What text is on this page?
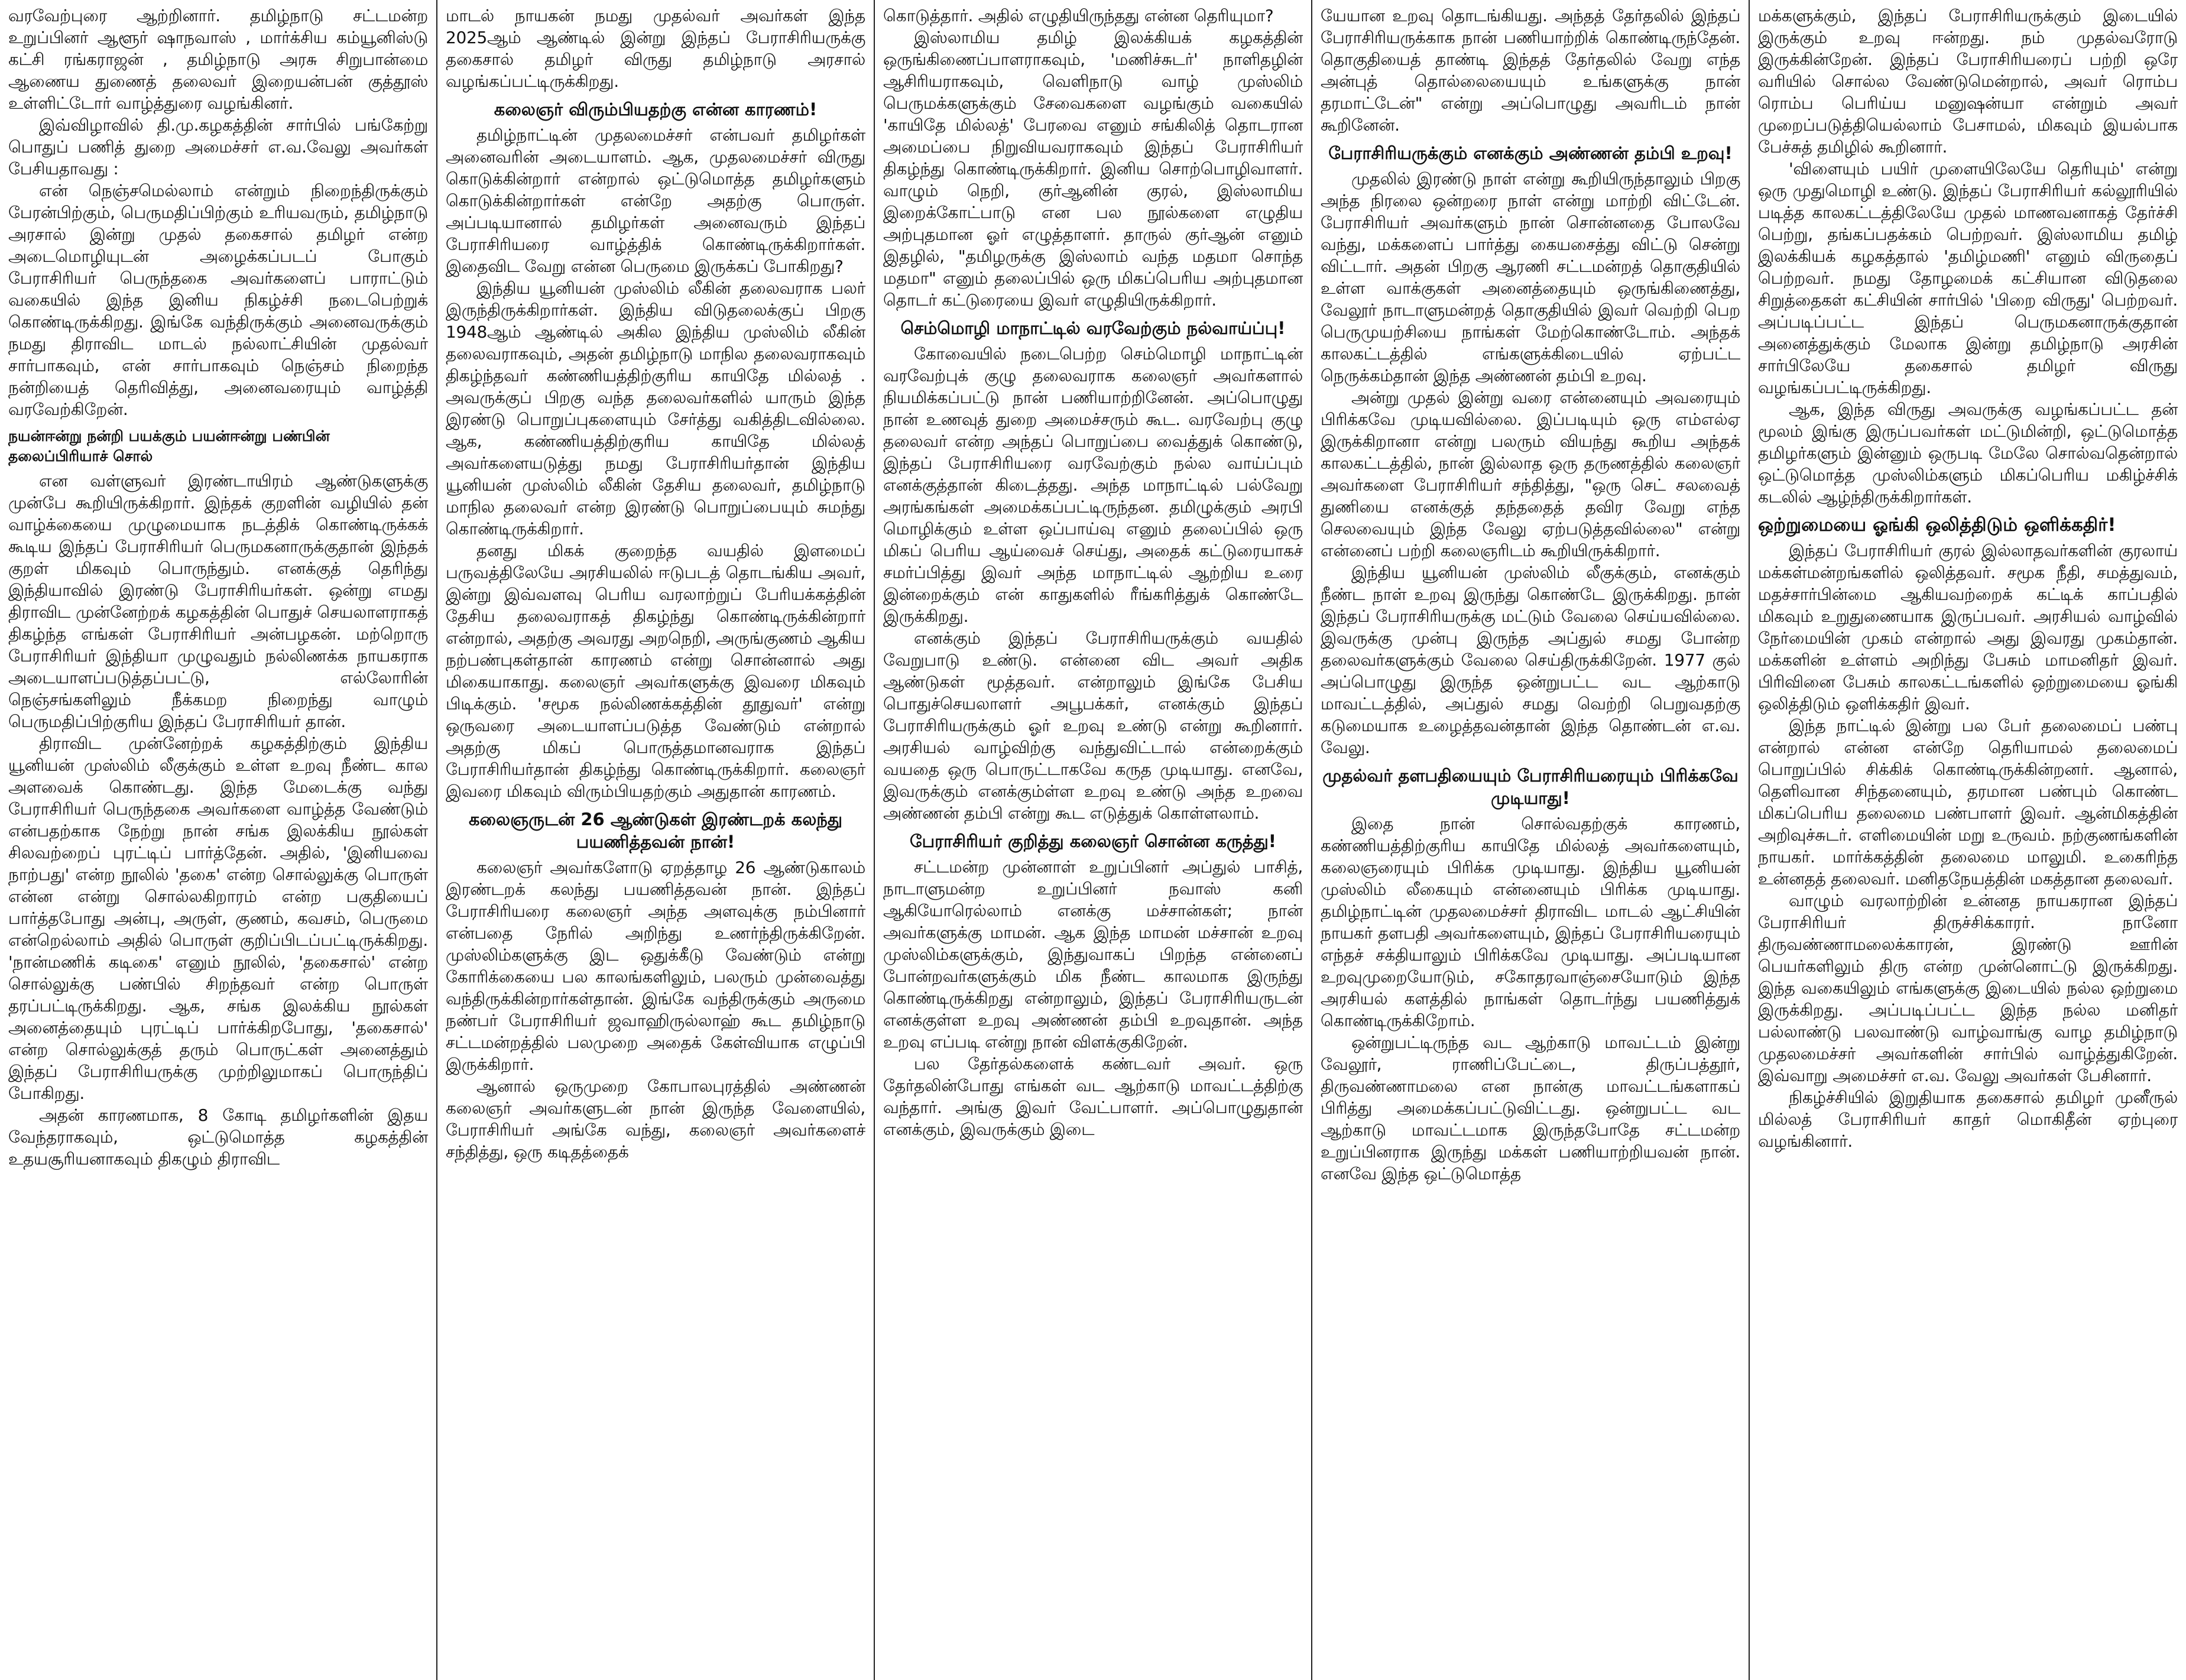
வரவேற்புரை ஆற்றினார். தமிழ்நாடு சட்டமன்ற உறுப்பினர் ஆளூர் ஷாநவாஸ் , மார்க்சிய கம்யூனிஸ்டு கட்சி ரங்கராஜன் , தமிழ்நாடு அரசு சிறுபான்மை ஆணைய துணைத் தலைவர் இறையன்பன் குத்தூஸ் உள்ளிட்டோர் வாழ்த்துரை வழங்கினர்.

இவ்விழாவில் தி.மு.கழகத்தின் சார்பில் பங்கேற்று பொதுப் பணித் துறை அமைச்சர் எ.வ.வேலு அவர்கள் பேசியதாவது :

என் நெஞ்சமெல்லாம் என்றும் நிறைந்திருக்கும் பேரன்பிற்கும், பெருமதிப்பிற்கும் உரியவரும், தமிழ்நாடு அரசால் இன்று முதல் தகைசால் தமிழர் என்ற அடைமொழியுடன் அழைக்கப்படப் போகும் பேராசிரியர் பெருந்தகை அவர்களைப் பாராட்டும் வகையில் இந்த இனிய நிகழ்ச்சி நடைபெற்றுக் கொண்டிருக்கிறது. இங்கே வந்திருக்கும் அனைவருக்கும் நமது திராவிட மாடல் நல்லாட்சியின் முதல்வர் சார்பாகவும், என் சார்பாகவும் நெஞ்சம் நிறைந்த நன்றியைத் தெரிவித்து, அனைவரையும் வாழ்த்தி வரவேற்கிறேன்.

நயன்ஈன்று நன்றி பயக்கும் பயன்ஈன்று பண்பின் தலைப்பிரியாச் சொல்

என வள்ளுவர் இரண்டாயிரம் ஆண்டுகளுக்கு முன்பே கூறியிருக்கிறார். இந்தக் குறளின் வழியில் தன் வாழ்க்கையை முழுமையாக நடத்திக் கொண்டிருக்கக் கூடிய இந்தப் பேராசிரியர் பெருமகனாருக்குதான் இந்தக் குறள் மிகவும் பொருந்தும். எனக்குத் தெரிந்து இந்தியாவில் இரண்டு பேராசிரியர்கள். ஒன்று எமது திராவிட முன்னேற்றக் கழகத்தின் பொதுச் செயலாளராகத் திகழ்ந்த எங்கள் பேராசிரியர் அன்பழகன். மற்றொரு பேராசிரியர் இந்தியா முழுவதும் நல்லிணக்க நாயகராக அடையாளப்படுத்தப்பட்டு, எல்லோரின் நெஞ்சங்களிலும் நீக்கமற நிறைந்து வாழும் பெருமதிப்பிற்குரிய இந்தப் பேராசிரியர் தான்.

திராவிட முன்னேற்றக் கழகத்திற்கும் இந்திய யூனியன் முஸ்லிம் லீகுக்கும் உள்ள உறவு நீண்ட கால அளவைக் கொண்டது. இந்த மேடைக்கு வந்து பேராசிரியர் பெருந்தகை அவர்களை வாழ்த்த வேண்டும் என்பதற்காக நேற்று நான் சங்க இலக்கிய நூல்கள் சிலவற்றைப் புரட்டிப் பார்த்தேன். அதில், 'இனியவை நாற்பது' என்ற நூலில் 'தகை' என்ற சொல்லுக்கு பொருள் என்ன என்று சொல்லகிறாரம் என்ற பகுதியைப் பார்த்தபோது அன்பு, அருள், குணம், கவசம், பெருமை என்றெல்லாம் அதில் பொருள் குறிப்பிடப்பட்டிருக்கிறது. 'நான்மணிக் கடிகை' எனும் நூலில், 'தகைசால்' என்ற சொல்லுக்கு பண்பில் சிறந்தவர் என்ற பொருள் தரப்பட்டிருக்கிறது. ஆக, சங்க இலக்கிய நூல்கள் அனைத்தையும் புரட்டிப் பார்க்கிறபோது, 'தகைசால்' என்ற சொல்லுக்குத் தரும் பொருட்கள் அனைத்தும் இந்தப் பேராசிரியருக்கு முற்றிலுமாகப் பொருந்திப் போகிறது.

அதன் காரணமாக, 8 கோடி தமிழர்களின் இதய வேந்தராகவும், ஒட்டுமொத்த கழகத்தின் உதயசூரியனாகவும் திகழும் திராவிட

மாடல் நாயகன் நமது முதல்வர் அவர்கள் இந்த 2025ஆம் ஆண்டில் இன்று இந்தப் பேராசிரியருக்கு தகைசால் தமிழர் விருது தமிழ்நாடு அரசால் வழங்கப்பட்டிருக்கிறது.

கலைஞர் விரும்பியதற்கு என்ன காரணம்!

தமிழ்நாட்டின் முதலமைச்சர் என்பவர் தமிழர்கள் அனைவரின் அடையாளம். ஆக, முதலமைச்சர் விருது கொடுக்கின்றார் என்றால் ஒட்டுமொத்த தமிழர்களும் கொடுக்கின்றார்கள் என்றே அதற்கு பொருள். அப்படியானால் தமிழர்கள் அனைவரும் இந்தப் பேராசிரியரை வாழ்த்திக் கொண்டிருக்கிறார்கள். இதைவிட வேறு என்ன பெருமை இருக்கப் போகிறது?

இந்திய யூனியன் முஸ்லிம் லீகின் தலைவராக பலர் இருந்திருக்கிறார்கள். இந்திய விடுதலைக்குப் பிறகு 1948ஆம் ஆண்டில் அகில இந்திய முஸ்லிம் லீகின் தலைவராகவும், அதன் தமிழ்நாடு மாநில தலைவராகவும் திகழ்ந்தவர் கண்ணியத்திற்குரிய காயிதே மில்லத் . அவருக்குப் பிறகு வந்த தலைவர்களில் யாரும் இந்த இரண்டு பொறுப்புகளையும் சேர்த்து வகித்திடவில்லை. ஆக, கண்ணியத்திற்குரிய காயிதே மில்லத் அவர்களையடுத்து நமது பேராசிரியர்தான் இந்திய யூனியன் முஸ்லிம் லீகின் தேசிய தலைவர், தமிழ்நாடு மாநில தலைவர் என்ற இரண்டு பொறுப்பையும் சுமந்து கொண்டிருக்கிறார்.

தனது மிகக் குறைந்த வயதில் இளமைப் பருவத்திலேயே அரசியலில் ஈடுபடத் தொடங்கிய அவர், இன்று இவ்வளவு பெரிய வரலாற்றுப் பேரியக்கத்தின் தேசிய தலைவராகத் திகழ்ந்து கொண்டிருக்கின்றார் என்றால், அதற்கு அவரது அறநெறி, அருங்குணம் ஆகிய நற்பண்புகள்தான் காரணம் என்று சொன்னால் அது மிகையாகாது. கலைஞர் அவர்களுக்கு இவரை மிகவும் பிடிக்கும். 'சமூக நல்லிணக்கத்தின் தூதுவர்' என்று ஒருவரை அடையாளப்படுத்த வேண்டும் என்றால் அதற்கு மிகப் பொருத்தமானவராக இந்தப் பேராசிரியர்தான் திகழ்ந்து கொண்டிருக்கிறார். கலைஞர் இவரை மிகவும் விரும்பியதற்கும் அதுதான் காரணம்.

கலைஞருடன் 26 ஆண்டுகள் இரண்டறக் கலந்து பயணித்தவன் நான்!

கலைஞர் அவர்களோடு ஏறத்தாழ 26 ஆண்டுகாலம் இரண்டறக் கலந்து பயணித்தவன் நான். இந்தப் பேராசிரியரை கலைஞர் அந்த அளவுக்கு நம்பினார் என்பதை நேரில் அறிந்து உணர்ந்திருக்கிறேன். முஸ்லிம்களுக்கு இட ஒதுக்கீடு வேண்டும் என்று கோரிக்கையை பல காலங்களிலும், பலரும் முன்வைத்து வந்திருக்கின்றார்கள்தான். இங்கே வந்திருக்கும் அருமை நண்பர் பேராசிரியர் ஜவாஹிருல்லாஹ் கூட தமிழ்நாடு சட்டமன்றத்தில் பலமுறை அதைக் கேள்வியாக எழுப்பி இருக்கிறார்.

ஆனால் ஒருமுறை கோபாலபுரத்தில் அண்ணன் கலைஞர் அவர்களுடன் நான் இருந்த வேளையில், பேராசிரியர் அங்கே வந்து, கலைஞர் அவர்களைச் சந்தித்து, ஒரு கடிதத்தைக்

கொடுத்தார். அதில் எழுதியிருந்தது என்ன தெரியுமா?

இஸ்லாமிய தமிழ் இலக்கியக் கழகத்தின் ஒருங்கிணைப்பாளராகவும், 'மணிச்சுடர்' நாளிதழின் ஆசிரியராகவும், வெளிநாடு வாழ் முஸ்லிம் பெருமக்களுக்கும் சேவைகளை வழங்கும் வகையில் 'காயிதே மில்லத்' பேரவை எனும் சங்கிலித் தொடரான அமைப்பை நிறுவியவராகவும் இந்தப் பேராசிரியர் திகழ்ந்து கொண்டிருக்கிறார். இனிய சொற்பொழிவாளர். வாழும் நெறி, குர்ஆனின் குரல், இஸ்லாமிய இறைக்கோட்பாடு என பல நூல்களை எழுதிய அற்புதமான ஓர் எழுத்தாளர். தாருல் குர்ஆன் எனும் இதழில், "தமிழருக்கு இஸ்லாம் வந்த மதமா சொந்த மதமா" எனும் தலைப்பில் ஒரு மிகப்பெரிய அற்புதமான தொடர் கட்டுரையை இவர் எழுதியிருக்கிறார்.

செம்மொழி மாநாட்டில் வரவேற்கும் நல்வாய்ப்பு!

கோவையில் நடைபெற்ற செம்மொழி மாநாட்டின் வரவேற்புக் குழு தலைவராக கலைஞர் அவர்களால் நியமிக்கப்பட்டு நான் பணியாற்றினேன். அப்பொழுது நான் உணவுத் துறை அமைச்சரும் கூட. வரவேற்பு குழு தலைவர் என்ற அந்தப் பொறுப்பை வைத்துக் கொண்டு, இந்தப் பேராசிரியரை வரவேற்கும் நல்ல வாய்ப்பும் எனக்குத்தான் கிடைத்தது. அந்த மாநாட்டில் பல்வேறு அரங்கங்கள் அமைக்கப்பட்டிருந்தன. தமிழுக்கும் அரபி மொழிக்கும் உள்ள ஒப்பாய்வு எனும் தலைப்பில் ஒரு மிகப் பெரிய ஆய்வைச் செய்து, அதைக் கட்டுரையாகச் சமர்ப்பித்து இவர் அந்த மாநாட்டில் ஆற்றிய உரை இன்றைக்கும் என் காதுகளில் ரீங்கரித்துக் கொண்டே இருக்கிறது.

எனக்கும் இந்தப் பேராசிரியருக்கும் வயதில் வேறுபாடு உண்டு. என்னை விட அவர் அதிக ஆண்டுகள் மூத்தவர். என்றாலும் இங்கே பேசிய பொதுச்செயலாளர் அபூபக்கர், எனக்கும் இந்தப் பேராசிரியருக்கும் ஓர் உறவு உண்டு என்று கூறினார். அரசியல் வாழ்விற்கு வந்துவிட்டால் என்றைக்கும் வயதை ஒரு பொருட்டாகவே கருத முடியாது. எனவே, இவருக்கும் எனக்கும்ள்ள உறவு உண்டு அந்த உறவை அண்ணன் தம்பி என்று கூட எடுத்துக் கொள்ளலாம்.

பேராசிரியர் குறித்து கலைஞர் சொன்ன கருத்து!

சட்டமன்ற முன்னாள் உறுப்பினர் அப்துல் பாசித், நாடாளுமன்ற உறுப்பினர் நவாஸ் கனி ஆகியோரெல்லாம் எனக்கு மச்சான்கள்; நான் அவர்களுக்கு மாமன். ஆக இந்த மாமன் மச்சான் உறவு முஸ்லிம்களுக்கும், இந்துவாகப் பிறந்த என்னைப் போன்றவர்களுக்கும் மிக நீண்ட காலமாக இருந்து கொண்டிருக்கிறது என்றாலும், இந்தப் பேராசிரியருடன் எனக்குள்ள உறவு அண்ணன் தம்பி உறவுதான். அந்த உறவு எப்படி என்று நான் விளக்குகிறேன்.

பல தேர்தல்களைக் கண்டவர் அவர். ஒரு தேர்தலின்போது எங்கள் வட ஆற்காடு மாவட்டத்திற்கு வந்தார். அங்கு இவர் வேட்பாளர். அப்பொழுதுதான் எனக்கும், இவருக்கும் இடை

யேயான உறவு தொடங்கியது. அந்தத் தேர்தலில் இந்தப் பேராசிரியருக்காக நான் பணியாற்றிக் கொண்டிருந்தேன். தொகுதியைத் தாண்டி இந்தத் தேர்தலில் வேறு எந்த அன்புத் தொல்லையையும் உங்களுக்கு நான் தரமாட்டேன்" என்று அப்பொழுது அவரிடம் நான் கூறினேன்.

பேராசிரியருக்கும் எனக்கும் அண்ணன் தம்பி உறவு!

முதலில் இரண்டு நாள் என்று கூறியிருந்தாலும் பிறகு அந்த நிரலை ஒன்றரை நாள் என்று மாற்றி விட்டேன். பேராசிரியர் அவர்களும் நான் சொன்னதை போலவே வந்து, மக்களைப் பார்த்து கையசைத்து விட்டு சென்று விட்டார். அதன் பிறகு ஆரணி சட்டமன்றத் தொகுதியில் உள்ள வாக்குகள் அனைத்தையும் ஒருங்கிணைத்து, வேலூர் நாடாளுமன்றத் தொகுதியில் இவர் வெற்றி பெற பெருமுயற்சியை நாங்கள் மேற்கொண்டோம். அந்தக் காலகட்டத்தில் எங்களுக்கிடையில் ஏற்பட்ட நெருக்கம்தான் இந்த அண்ணன் தம்பி உறவு.

அன்று முதல் இன்று வரை என்னையும் அவரையும் பிரிக்கவே முடியவில்லை. இப்படியும் ஒரு எம்எல்ஏ இருக்கிறானா என்று பலரும் வியந்து கூறிய அந்தக் காலகட்டத்தில், நான் இல்லாத ஒரு தருணத்தில் கலைஞர் அவர்களை பேராசிரியர் சந்தித்து, "ஒரு செட் சலவைத் துணியை எனக்குத் தந்ததைத் தவிர வேறு எந்த செலவையும் இந்த வேலு ஏற்படுத்தவில்லை" என்று என்னைப் பற்றி கலைஞரிடம் கூறியிருக்கிறார்.

இந்திய யூனியன் முஸ்லிம் லீகுக்கும், எனக்கும் நீண்ட நாள் உறவு இருந்து கொண்டே இருக்கிறது. நான் இந்தப் பேராசிரியருக்கு மட்டும் வேலை செய்யவில்லை. இவருக்கு முன்பு இருந்த அப்துல் சமது போன்ற தலைவர்களுக்கும் வேலை செய்திருக்கிறேன். 1977 குல் அப்பொழுது இருந்த ஒன்றுபட்ட வட ஆற்காடு மாவட்டத்தில், அப்துல் சமது வெற்றி பெறுவதற்கு கடுமையாக உழைத்தவன்தான் இந்த தொண்டன் எ.வ. வேலு.

முதல்வர் தளபதியையும் பேராசிரியரையும் பிரிக்கவே முடியாது!

இதை நான் சொல்வதற்குக் காரணம், கண்ணியத்திற்குரிய காயிதே மில்லத் அவர்களையும், கலைஞரையும் பிரிக்க முடியாது. இந்திய யூனியன் முஸ்லிம் லீகையும் என்னையும் பிரிக்க முடியாது. தமிழ்நாட்டின் முதலமைச்சர் திராவிட மாடல் ஆட்சியின் நாயகர் தளபதி அவர்களையும், இந்தப் பேராசிரியரையும் எந்தச் சக்தியாலும் பிரிக்கவே முடியாது. அப்படியான உறவுமுறையோடும், சகோதரவாஞ்சையோடும் இந்த அரசியல் களத்தில் நாங்கள் தொடர்ந்து பயணித்துக் கொண்டிருக்கிறோம்.

ஒன்றுபட்டிருந்த வட ஆற்காடு மாவட்டம் இன்று வேலூர், ராணிப்பேட்டை, திருப்பத்தூர், திருவண்ணாமலை என நான்கு மாவட்டங்களாகப் பிரித்து அமைக்கப்பட்டுவிட்டது. ஒன்றுபட்ட வட ஆற்காடு மாவட்டமாக இருந்தபோதே சட்டமன்ற உறுப்பினராக இருந்து மக்கள் பணியாற்றியவன் நான். எனவே இந்த ஒட்டுமொத்த

மக்களுக்கும், இந்தப் பேராசிரியருக்கும் இடையில் இருக்கும் உறவு ஈன்றது. நம் முதல்வரோடு இருக்கின்றேன். இந்தப் பேராசிரியரைப் பற்றி ஒரே வரியில் சொல்ல வேண்டுமென்றால், அவர் ரொம்ப ரொம்ப பெரிய்ய மனுஷன்யா என்றும் அவர் முறைப்படுத்தியெல்லாம் பேசாமல், மிகவும் இயல்பாக பேச்சுத் தமிழில் கூறினார்.

'விளையும் பயிர் முளையிலேயே தெரியும்' என்று ஒரு முதுமொழி உண்டு. இந்தப் பேராசிரியர் கல்லூரியில் படித்த காலகட்டத்திலேயே முதல் மாணவனாகத் தேர்ச்சி பெற்று, தங்கப்பதக்கம் பெற்றவர். இஸ்லாமிய தமிழ் இலக்கியக் கழகத்தால் 'தமிழ்மணி' எனும் விருதைப் பெற்றவர். நமது தோழமைக் கட்சியான விடுதலை சிறுத்தைகள் கட்சியின் சார்பில் 'பிறை விருது' பெற்றவர். அப்படிப்பட்ட இந்தப் பெருமகனாருக்குதான் அனைத்துக்கும் மேலாக இன்று தமிழ்நாடு அரசின் சார்பிலேயே தகைசால் தமிழர் விருது வழங்கப்பட்டிருக்கிறது.

ஆக, இந்த விருது அவருக்கு வழங்கப்பட்ட தன் மூலம் இங்கு இருப்பவர்கள் மட்டுமின்றி, ஒட்டுமொத்த தமிழர்களும் இன்னும் ஒருபடி மேலே சொல்வதென்றால் ஒட்டுமொத்த முஸ்லிம்களும் மிகப்பெரிய மகிழ்ச்சிக் கடலில் ஆழ்ந்திருக்கிறார்கள்.

ஒற்றுமையை ஓங்கி ஒலித்திடும் ஒளிக்கதிர்!

இந்தப் பேராசிரியர் குரல் இல்லாதவர்களின் குரலாய் மக்கள்மன்றங்களில் ஒலித்தவர். சமூக நீதி, சமத்துவம், மதச்சார்பின்மை ஆகியவற்றைக் கட்டிக் காப்பதில் மிகவும் உறுதுணையாக இருப்பவர். அரசியல் வாழ்வில் நேர்மையின் முகம் என்றால் அது இவரது முகம்தான். மக்களின் உள்ளம் அறிந்து பேசும் மாமனிதர் இவர். பிரிவினை பேசும் காலகட்டங்களில் ஒற்றுமையை ஓங்கி ஒலித்திடும் ஒளிக்கதிர் இவர்.

இந்த நாட்டில் இன்று பல பேர் தலைமைப் பண்பு என்றால் என்ன என்றே தெரியாமல் தலைமைப் பொறுப்பில் சிக்கிக் கொண்டிருக்கின்றனர். ஆனால், தெளிவான சிந்தனையும், தரமான பண்பும் கொண்ட மிகப்பெரிய தலைமை பண்பாளர் இவர். ஆன்மிகத்தின் அறிவுச்சுடர். எளிமையின் மறு உருவம். நற்குணங்களின் நாயகர். மார்க்கத்தின் தலைமை மாலுமி. உகைரிந்த உன்னதத் தலைவர். மனிதநேயத்தின் மகத்தான தலைவர்.

வாழும் வரலாற்றின் உன்னத நாயகரான இந்தப் பேராசிரியர் திருச்சிக்காரர். நானோ திருவண்ணாமலைக்காரன், இரண்டு ஊரின் பெயர்களிலும் திரு என்ற முன்னொட்டு இருக்கிறது. இந்த வகையிலும் எங்களுக்கு இடையில் நல்ல ஒற்றுமை இருக்கிறது. அப்படிப்பட்ட இந்த நல்ல மனிதர் பல்லாண்டு பலவாண்டு வாழ்வாங்கு வாழ தமிழ்நாடு முதலமைச்சர் அவர்களின் சார்பில் வாழ்த்துகிறேன். இவ்வாறு அமைச்சர் எ.வ. வேலு அவர்கள் பேசினார்.

நிகழ்ச்சியில் இறுதியாக தகைசால் தமிழர் முனீருல் மில்லத் பேராசிரியர் காதர் மொகிதீன் ஏற்புரை வழங்கினார்.
